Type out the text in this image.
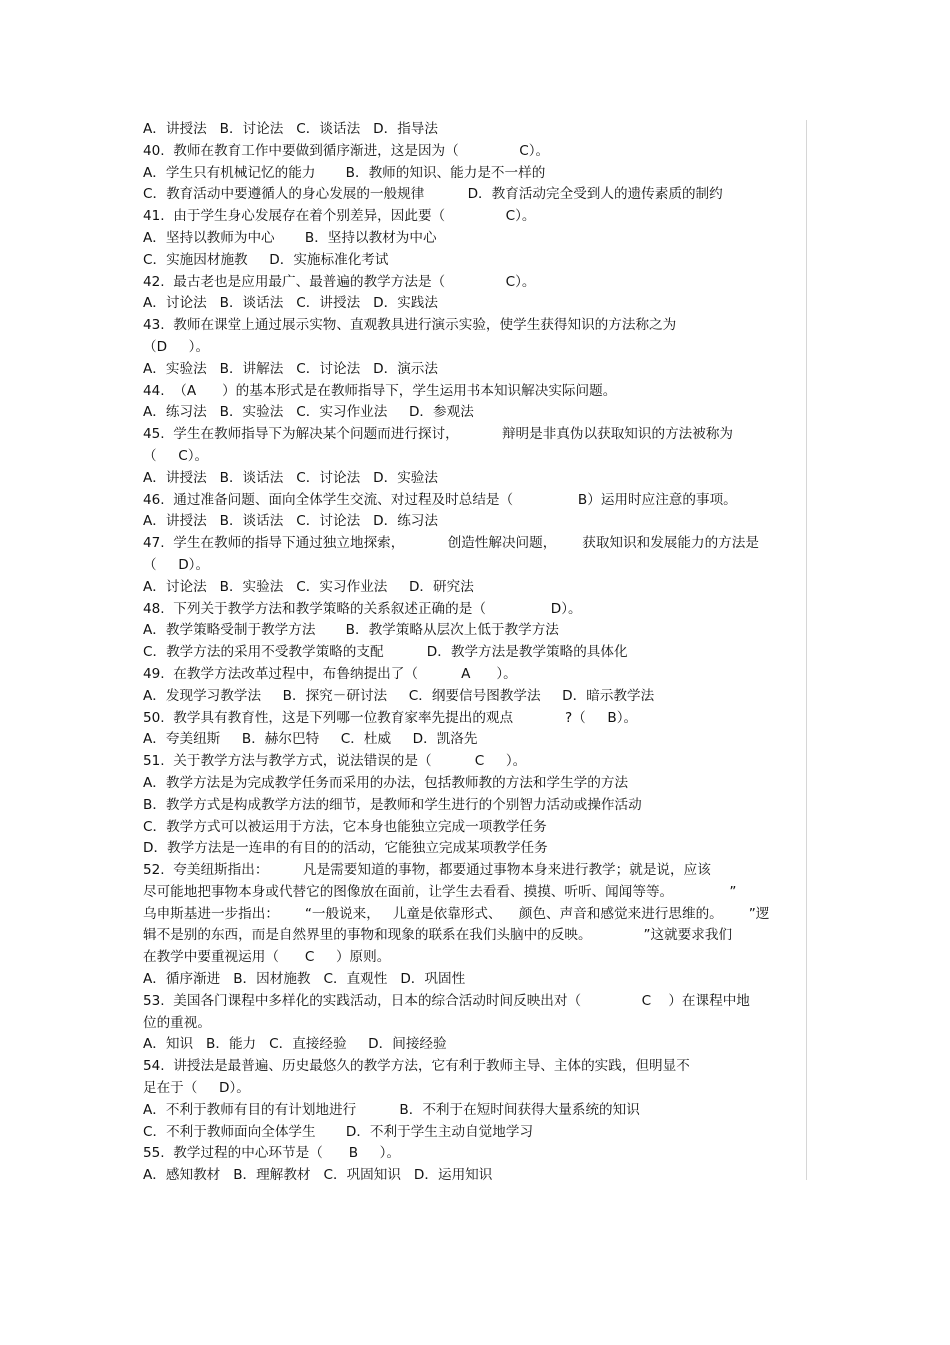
A．讲授法   B．讨论法   C．谈话法   D．指导法
40.  教师在教育工作中要做到循序渐进，这是因为（              C）。
A．学生只有机械记忆的能力       B．教师的知识、能力是不一样的
C．教育活动中要遵循人的身心发展的一般规律          D．教育活动完全受到人的遗传素质的制约
41.  由于学生身心发展存在着个别差异，因此要（              C）。
A．坚持以教师为中心       B．坚持以教材为中心
C．实施因材施教     D．实施标准化考试
42.  最古老也是应用最广、最普遍的教学方法是（              C）。
A．讨论法   B．谈话法   C．讲授法   D．实践法
43.  教师在课堂上通过展示实物、直观教具进行演示实验，使学生获得知识的方法称之为
（D     ）。
A．实验法   B．讲解法   C．讨论法   D．演示法
44.  （A      ）的基本形式是在教师指导下，学生运用书本知识解决实际问题。
A．练习法   B．实验法   C．实习作业法     D．参观法
45.  学生在教师指导下为解决某个问题而进行探讨，          辩明是非真伪以获取知识的方法被称为
（     C）。
A．讲授法   B．谈话法   C．讨论法   D．实验法
46.  通过准备问题、面向全体学生交流、对过程及时总结是（               B）运用时应注意的事项。
A．讲授法   B．谈话法   C．讨论法   D．练习法
47.  学生在教师的指导下通过独立地探索，          创造性解决问题，      获取知识和发展能力的方法是
（     D）。
A．讨论法   B．实验法   C．实习作业法     D．研究法
48.  下列关于教学方法和教学策略的关系叙述正确的是（               D）。
A．教学策略受制于教学方法       B．教学策略从层次上低于教学方法
C．教学方法的采用不受教学策略的支配          D．教学方法是教学策略的具体化
49.  在教学方法改革过程中，布鲁纳提出了（          A      ）。
A．发现学习教学法     B．探究－研讨法     C．纲要信号图教学法     D．暗示教学法
50.  教学具有教育性，这是下列哪一位教育家率先提出的观点            ?（     B）。
A．夸美纽斯     B．赫尔巴特     C．杜威     D．凯洛先
51.  关于教学方法与教学方式，说法错误的是（          C     ）。
A．教学方法是为完成教学任务而采用的办法，包括教师教的方法和学生学的方法
B．教学方式是构成教学方法的细节，是教师和学生进行的个别智力活动或操作活动
C．教学方式可以被运用于方法，它本身也能独立完成一项教学任务
D．教学方法是一连串的有目的的活动，它能独立完成某项教学任务
52.  夸美纽斯指出：        凡是需要知道的事物，都要通过事物本身来进行教学；就是说，应该
尽可能地把事物本身或代替它的图像放在面前，让学生去看看、摸摸、听听、闻闻等等。             ”
乌申斯基进一步指出：      “一般说来，   儿童是依靠形式、    颜色、声音和感觉来进行思维的。      ”逻
辑不是别的东西，而是自然界里的事物和现象的联系在我们头脑中的反映。            ”这就要求我们
在教学中要重视运用（      C     ）原则。
A．循序渐进   B．因材施教   C．直观性   D．巩固性
53.  美国各门课程中多样化的实践活动，日本的综合活动时间反映出对（              C    ）在课程中地
位的重视。
A．知识   B．能力   C．直接经验     D．间接经验
54.  讲授法是最普遍、历史最悠久的教学方法，它有利于教师主导、主体的实践，但明显不
足在于（     D）。
A．不利于教师有目的有计划地进行          B．不利于在短时间获得大量系统的知识
C．不利于教师面向全体学生       D．不利于学生主动自觉地学习
55.  教学过程的中心环节是（      B     ）。
A．感知教材   B．理解教材   C．巩固知识   D．运用知识
